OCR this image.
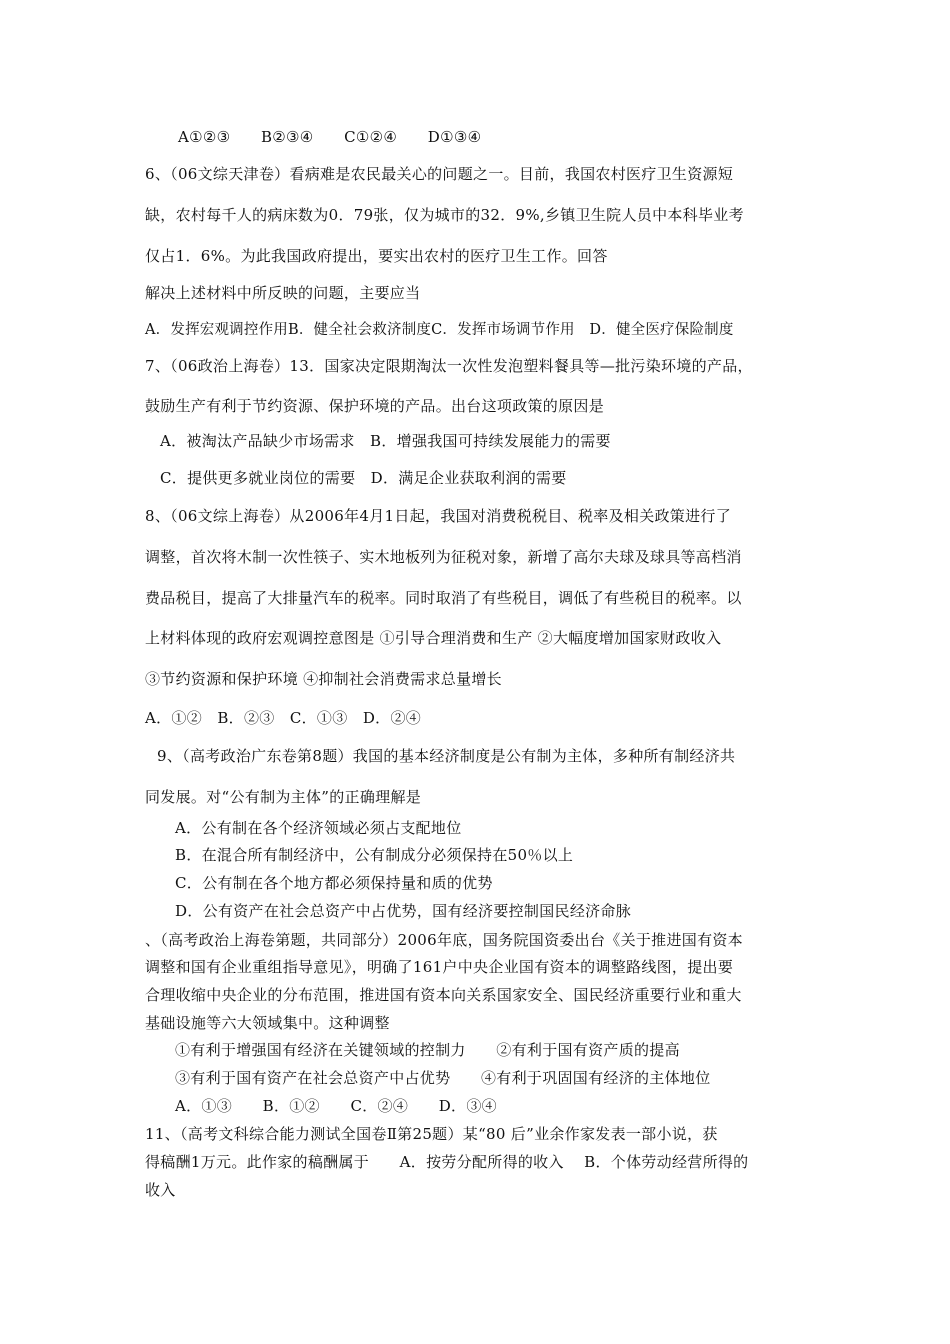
A①②③　　B②③④　　C①②④　　D①③④
6、（06文综天津卷）看病难是农民最关心的问题之一。目前，我国农村医疗卫生资源短
缺，农村每千人的病床数为0．79张，仅为城市的32．9%,乡镇卫生院人员中本科毕业考
仅占1．6%。为此我国政府提出，要实出农村的医疗卫生工作。回答
解决上述材料中所反映的问题，主要应当
A．发挥宏观调控作用B．健全社会救济制度C．发挥市场调节作用　D．健全医疗保险制度
7、（06政治上海卷）13．国家决定限期淘汰一次性发泡塑料餐具等—批污染环境的产品，
鼓励生产有利于节约资源、保护环境的产品。出台这项政策的原因是
A．被淘汰产品缺少市场需求　B．增强我国可持续发展能力的需要
C．提供更多就业岗位的需要　D．满足企业获取利润的需要
8、（06文综上海卷）从2006年4月1日起，我国对消费税税目、税率及相关政策进行了
调整，首次将木制一次性筷子、实木地板列为征税对象，新增了高尔夫球及球具等高档消
费品税目，提高了大排量汽车的税率。同时取消了有些税目，调低了有些税目的税率。以
上材料体现的政府宏观调控意图是 ①引导合理消费和生产 ②大幅度增加国家财政收入
③节约资源和保护环境 ④抑制社会消费需求总量增长
A．①②　B．②③　C．①③　D．②④
9、（高考政治广东卷第8题）我国的基本经济制度是公有制为主体，多种所有制经济共
同发展。对“公有制为主体”的正确理解是
A．公有制在各个经济领域必须占支配地位
B．在混合所有制经济中，公有制成分必须保持在50％以上
C．公有制在各个地方都必须保持量和质的优势
D．公有资产在社会总资产中占优势，国有经济要控制国民经济命脉
、（高考政治上海卷第题，共同部分）2006年底，国务院国资委出台《关于推进国有资本
调整和国有企业重组指导意见》，明确了161户中央企业国有资本的调整路线图，提出要
合理收缩中央企业的分布范围，推进国有资本向关系国家安全、国民经济重要行业和重大
基础设施等六大领域集中。这种调整
①有利于增强国有经济在关键领域的控制力　　②有利于国有资产质的提高
③有利于国有资产在社会总资产中占优势　　④有利于巩固国有经济的主体地位
A．①③　　B．①②　　C．②④　　D．③④
11、（高考文科综合能力测试全国卷Ⅱ第25题）某“80 后”业余作家发表一部小说，获
得稿酬1万元。此作家的稿酬属于　　A．按劳分配所得的收入　 B．个体劳动经营所得的
收入
